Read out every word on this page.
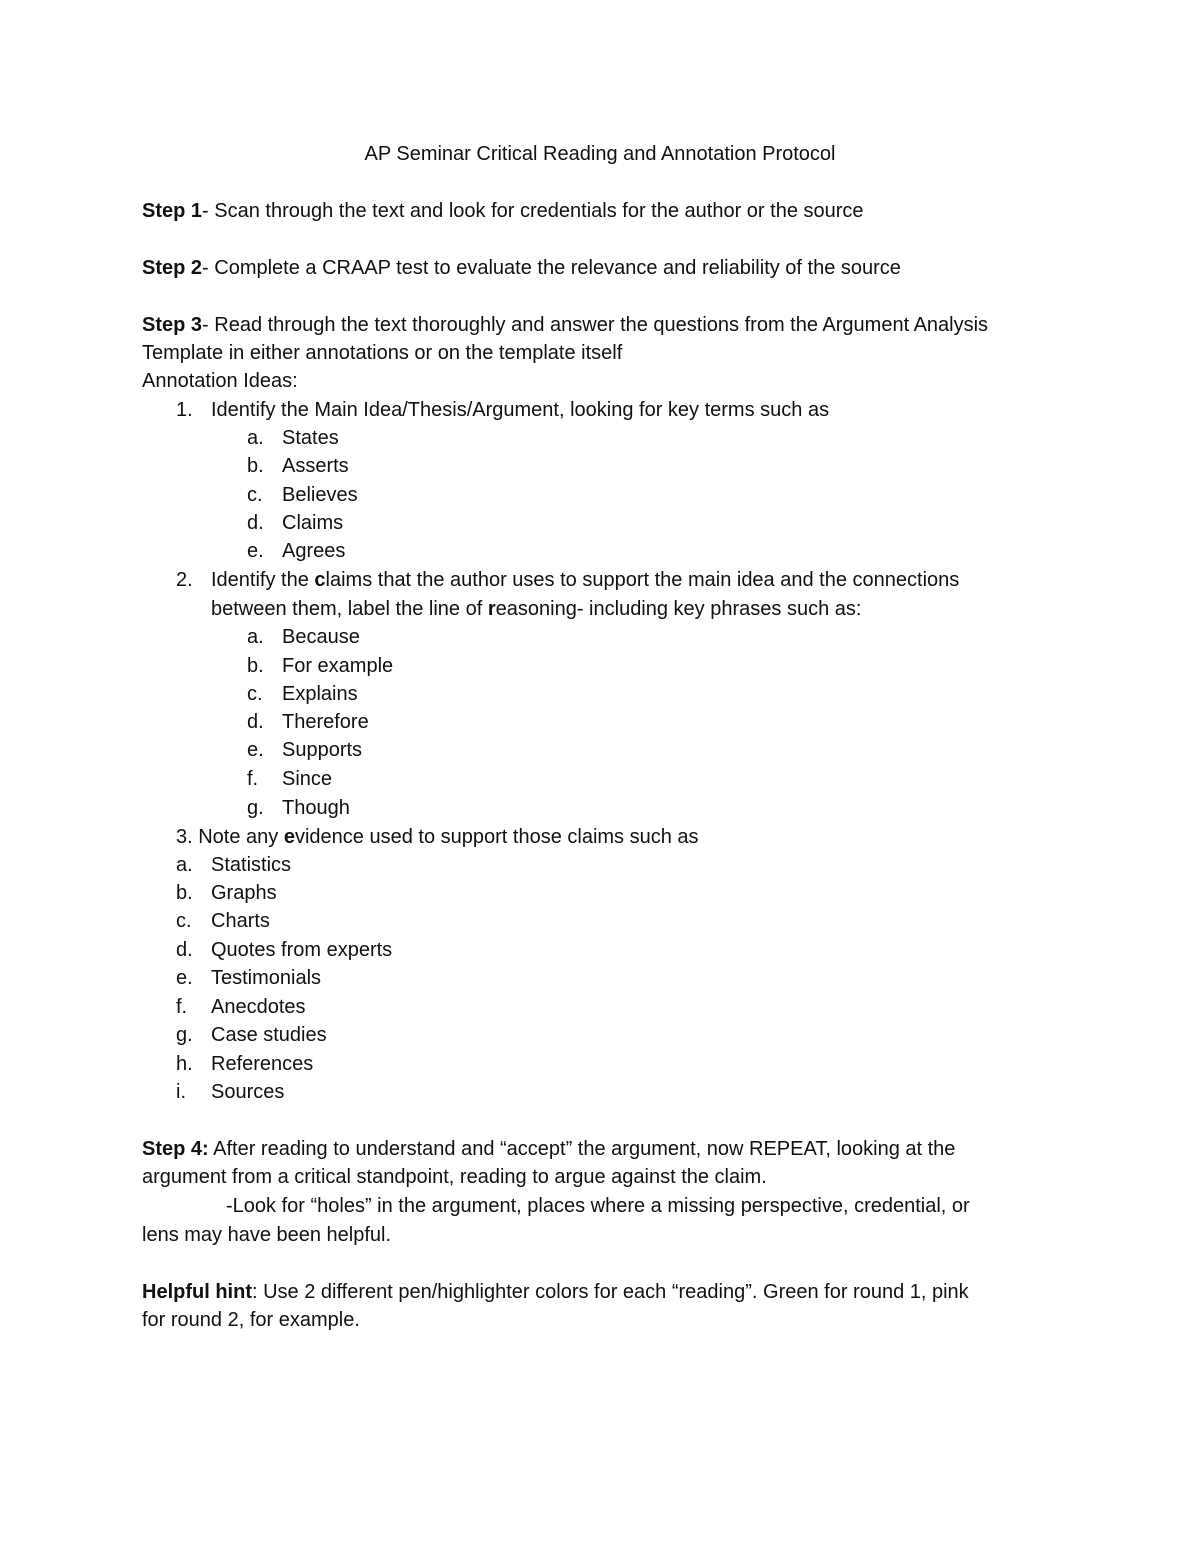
AP Seminar Critical Reading and Annotation Protocol
Step 1- Scan through the text and look for credentials for the author or the source
Step 2- Complete a CRAAP test to evaluate the relevance and reliability of the source
Step 3- Read through the text thoroughly and answer the questions from the Argument Analysis
Template in either annotations or on the template itself
Annotation Ideas:
1. Identify the Main Idea/Thesis/Argument, looking for key terms such as
a. States
b. Asserts
c. Believes
d. Claims
e. Agrees
2. Identify the claims that the author uses to support the main idea and the connections
between them, label the line of reasoning- including key phrases such as:
a. Because
b. For example
c. Explains
d. Therefore
e. Supports
f. Since
g. Though
3. Note any evidence used to support those claims such as
a. Statistics
b. Graphs
c. Charts
d. Quotes from experts
e. Testimonials
f. Anecdotes
g. Case studies
h. References
i. Sources
Step 4: After reading to understand and “accept” the argument, now REPEAT, looking at the
argument from a critical standpoint, reading to argue against the claim.
-Look for “holes” in the argument, places where a missing perspective, credential, or
lens may have been helpful.
Helpful hint: Use 2 different pen/highlighter colors for each “reading”. Green for round 1, pink
for round 2, for example.
